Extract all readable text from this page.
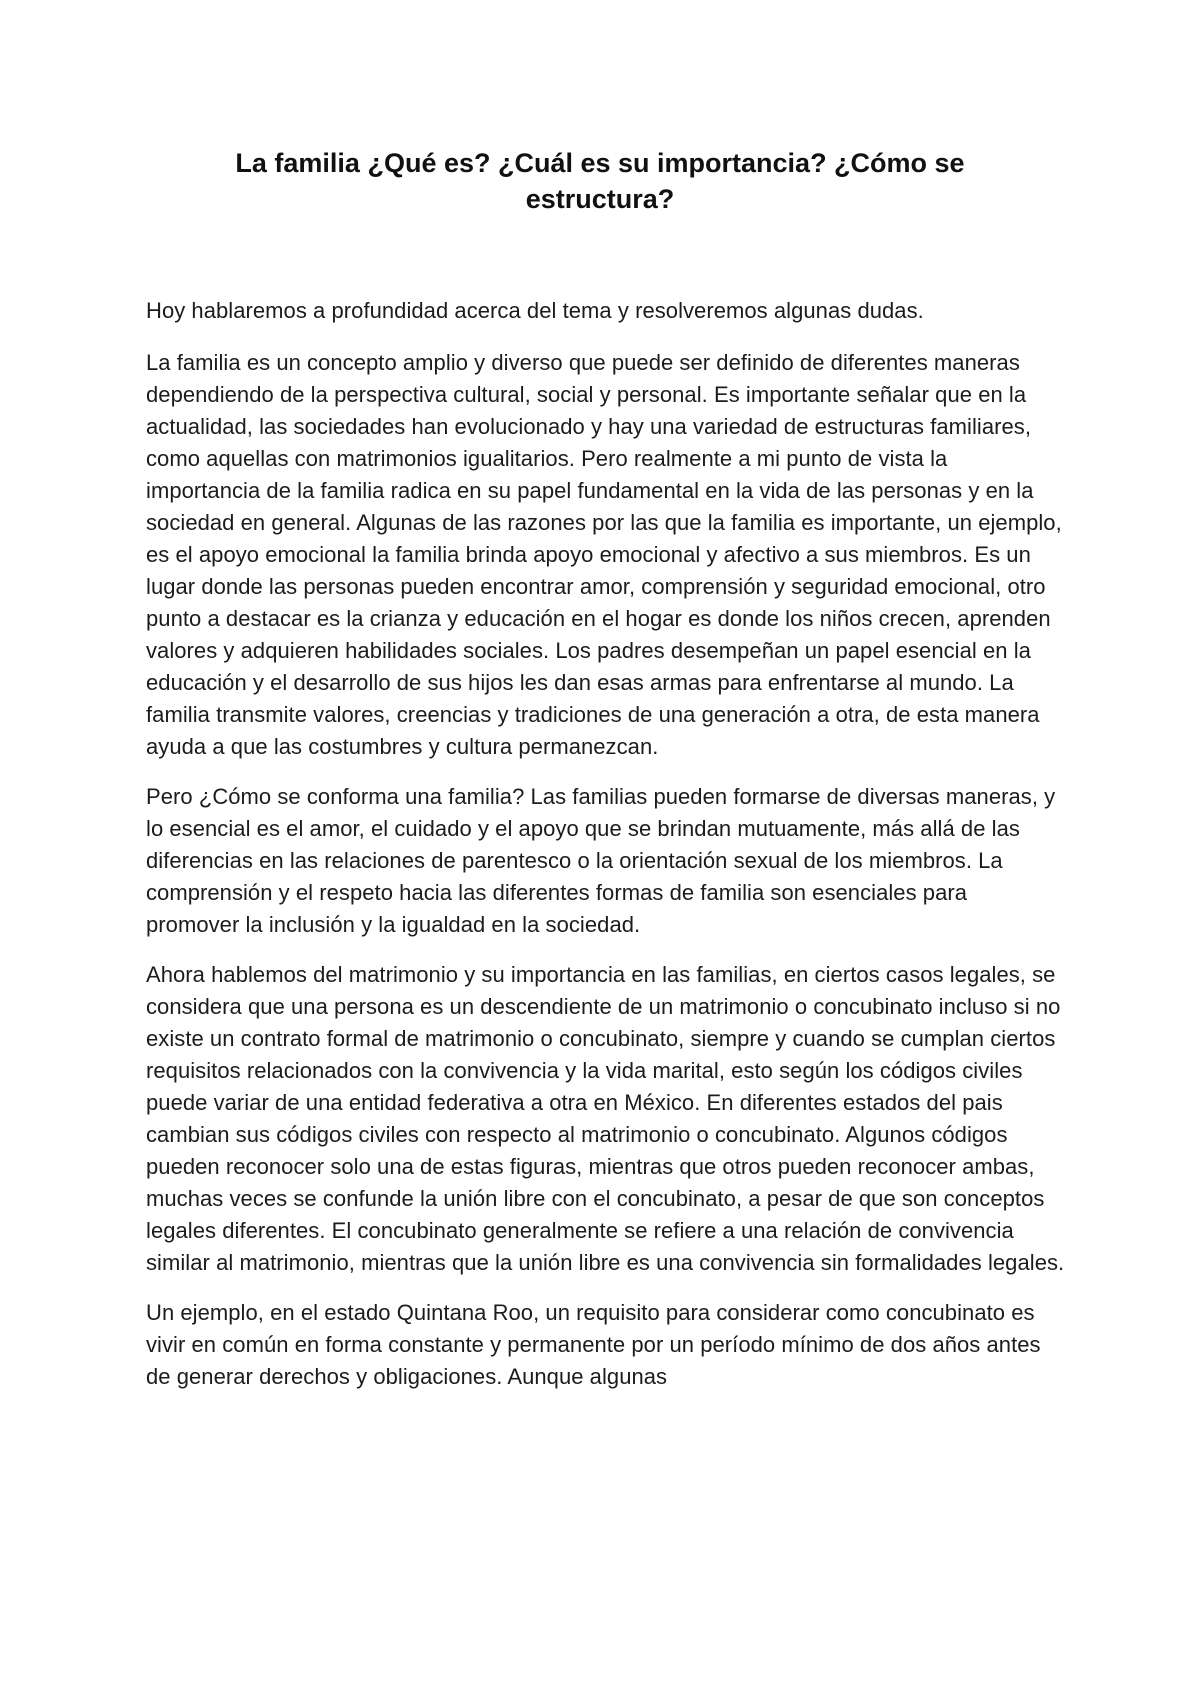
La familia ¿Qué es? ¿Cuál es su importancia? ¿Cómo se estructura?

Hoy hablaremos a profundidad acerca del tema y resolveremos algunas dudas.

La familia es un concepto amplio y diverso que puede ser definido de diferentes maneras dependiendo de la perspectiva cultural, social y personal. Es importante señalar que en la actualidad, las sociedades han evolucionado y hay una variedad de estructuras familiares, como aquellas con matrimonios igualitarios. Pero realmente a mi punto de vista la importancia de la familia radica en su papel fundamental en la vida de las personas y en la sociedad en general. Algunas de las razones por las que la familia es importante, un ejemplo, es el apoyo emocional la familia brinda apoyo emocional y afectivo a sus miembros. Es un lugar donde las personas pueden encontrar amor, comprensión y seguridad emocional, otro punto a destacar es la crianza y educación en el hogar es donde los niños crecen, aprenden valores y adquieren habilidades sociales. Los padres desempeñan un papel esencial en la educación y el desarrollo de sus hijos les dan esas armas para enfrentarse al mundo. La familia transmite valores, creencias y tradiciones de una generación a otra, de esta manera ayuda a que las costumbres y cultura permanezcan.

Pero ¿Cómo se conforma una familia? Las familias pueden formarse de diversas maneras, y lo esencial es el amor, el cuidado y el apoyo que se brindan mutuamente, más allá de las diferencias en las relaciones de parentesco o la orientación sexual de los miembros. La comprensión y el respeto hacia las diferentes formas de familia son esenciales para promover la inclusión y la igualdad en la sociedad.

Ahora hablemos del matrimonio y su importancia en las familias, en ciertos casos legales, se considera que una persona es un descendiente de un matrimonio o concubinato incluso si no existe un contrato formal de matrimonio o concubinato, siempre y cuando se cumplan ciertos requisitos relacionados con la convivencia y la vida marital, esto según los códigos civiles puede variar de una entidad federativa a otra en México. En diferentes estados del pais cambian sus códigos civiles con respecto al matrimonio o concubinato. Algunos códigos pueden reconocer solo una de estas figuras, mientras que otros pueden reconocer ambas, muchas veces se confunde la unión libre con el concubinato, a pesar de que son conceptos legales diferentes. El concubinato generalmente se refiere a una relación de convivencia similar al matrimonio, mientras que la unión libre es una convivencia sin formalidades legales.

Un ejemplo, en el estado Quintana Roo, un requisito para considerar como concubinato es vivir en común en forma constante y permanente por un período mínimo de dos años antes de generar derechos y obligaciones. Aunque algunas
